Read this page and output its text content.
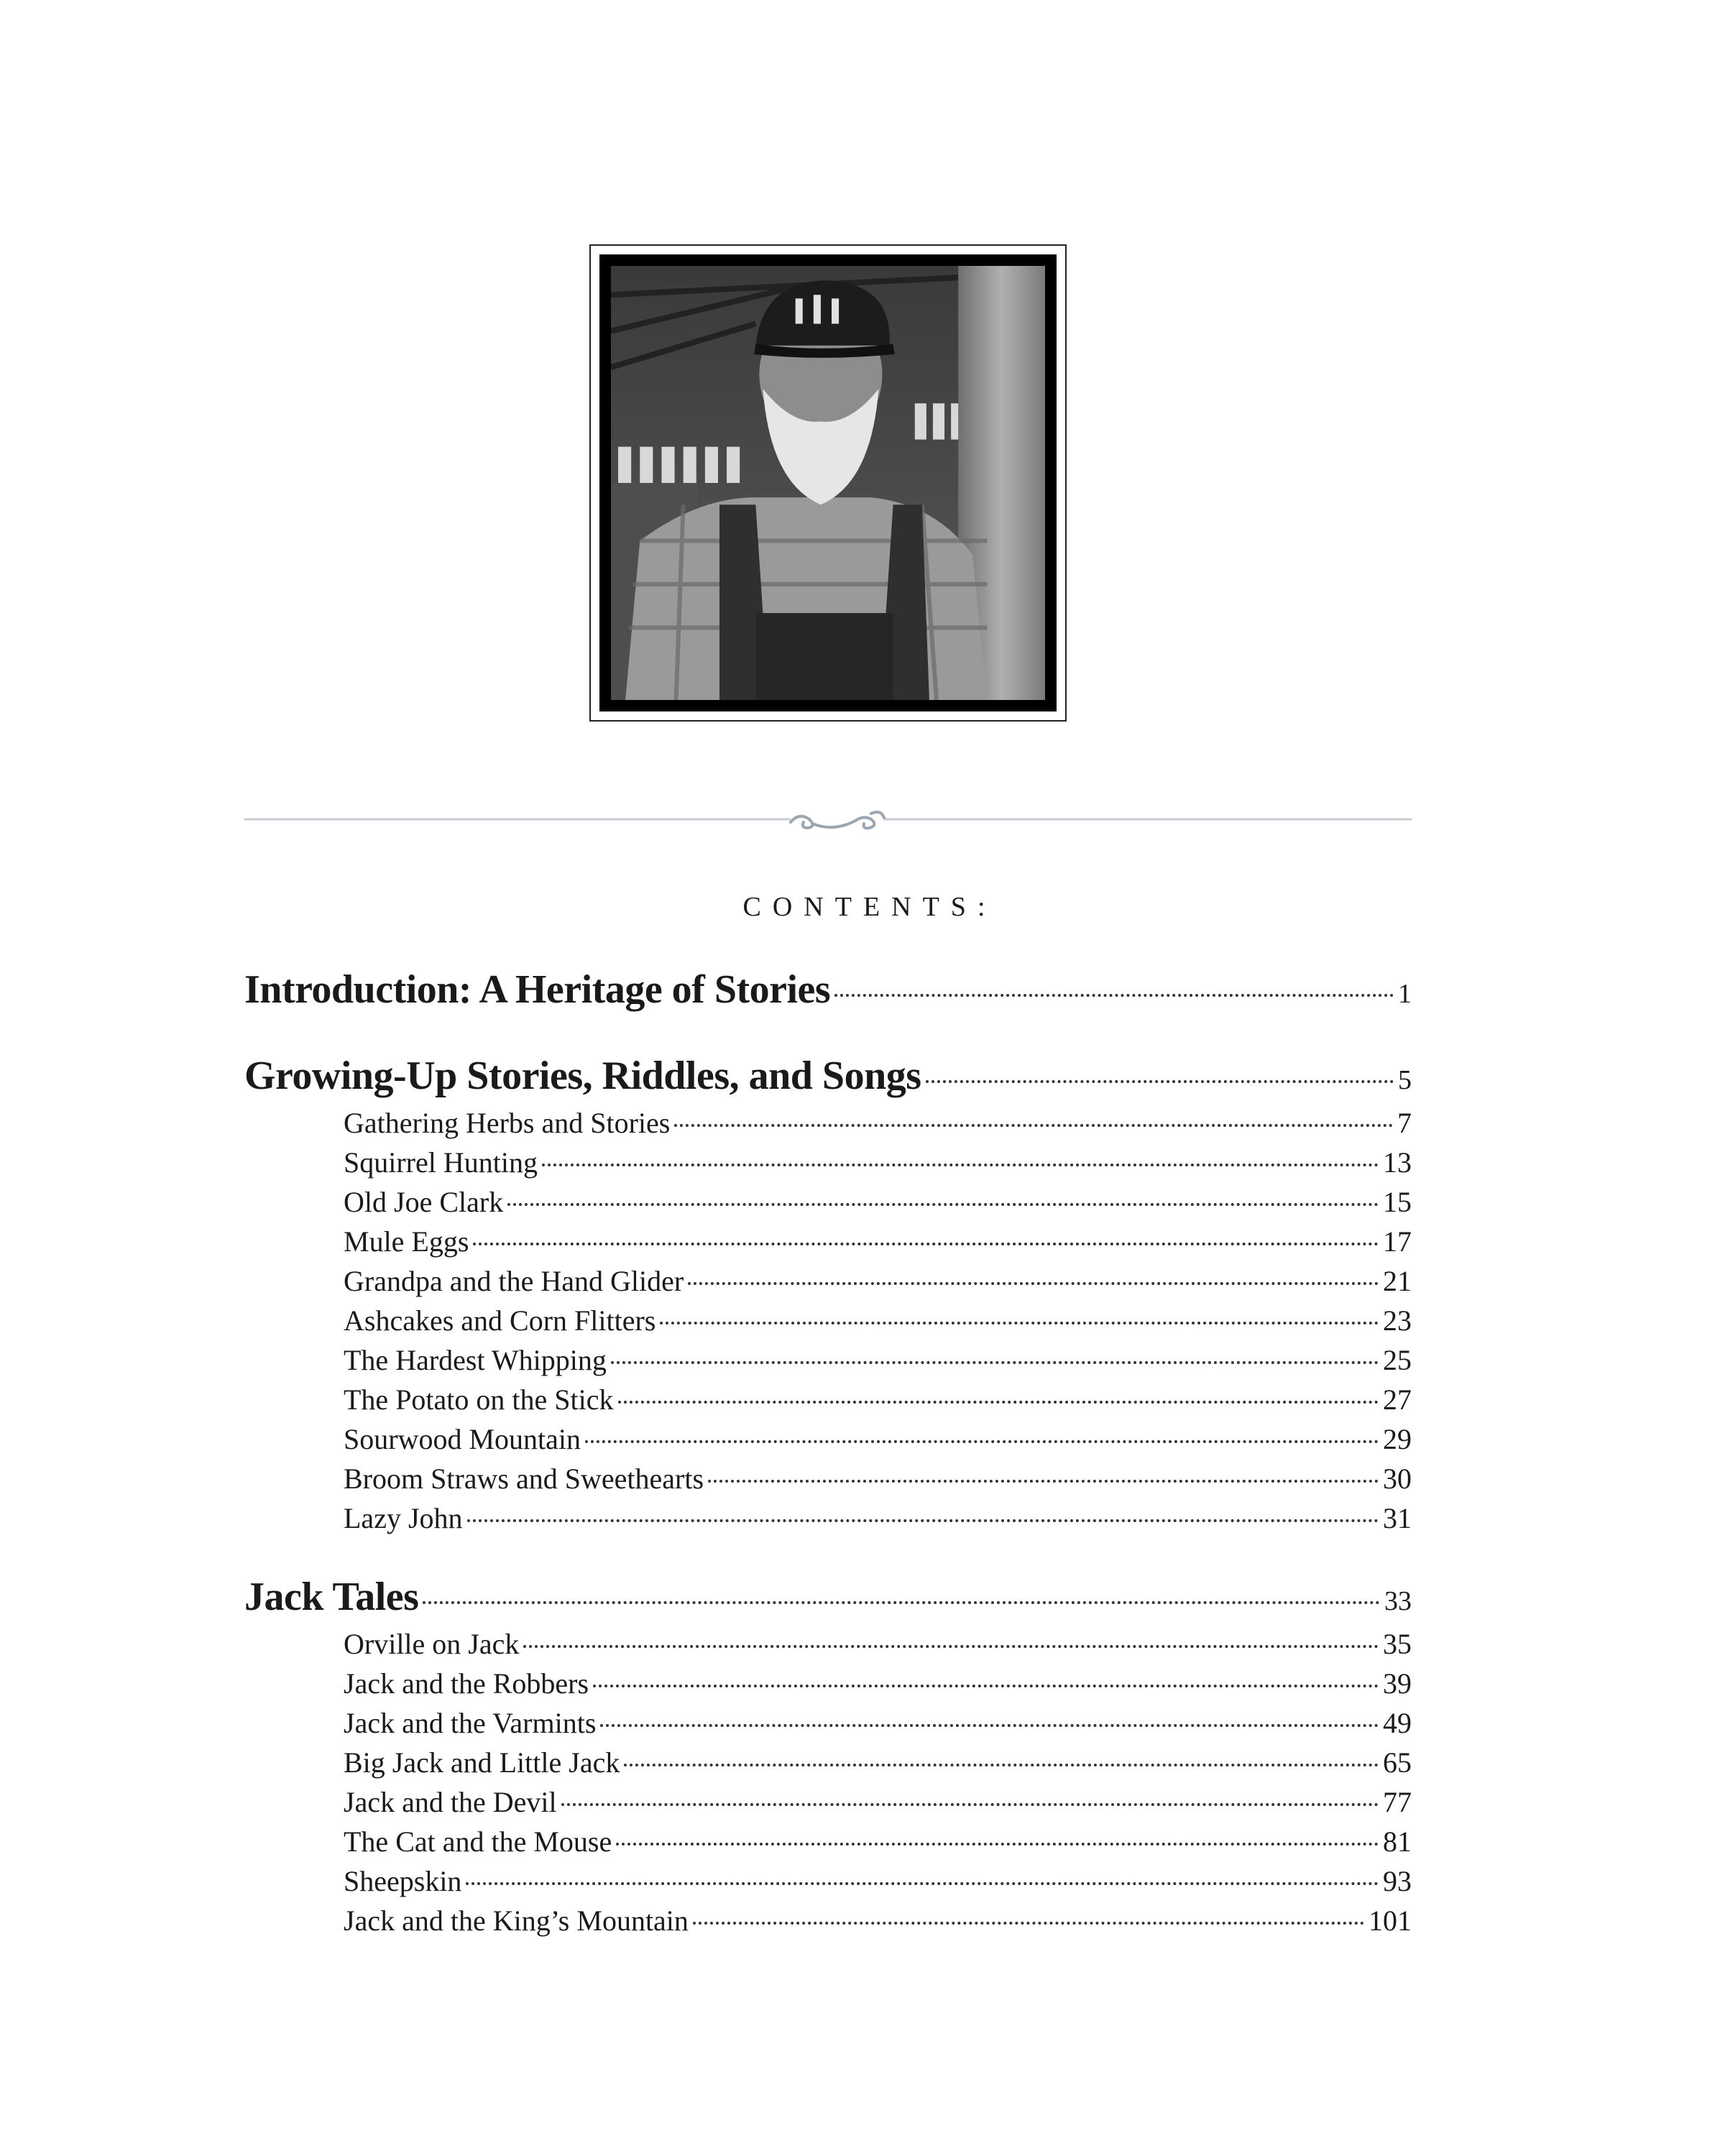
CONTENTS:
Introduction: A Heritage of Stories	1
Growing-Up Stories, Riddles, and Songs	5
Gathering Herbs and Stories	7
Squirrel Hunting	13
Old Joe Clark	15
Mule Eggs	17
Grandpa and the Hand Glider	21
Ashcakes and Corn Flitters	23
The Hardest Whipping	25
The Potato on the Stick	27
Sourwood Mountain	29
Broom Straws and Sweethearts	30
Lazy John	31
Jack Tales	33
Orville on Jack	35
Jack and the Robbers	39
Jack and the Varmints	49
Big Jack and Little Jack	65
Jack and the Devil	77
The Cat and the Mouse	81
Sheepskin	93
Jack and the King’s Mountain	101
